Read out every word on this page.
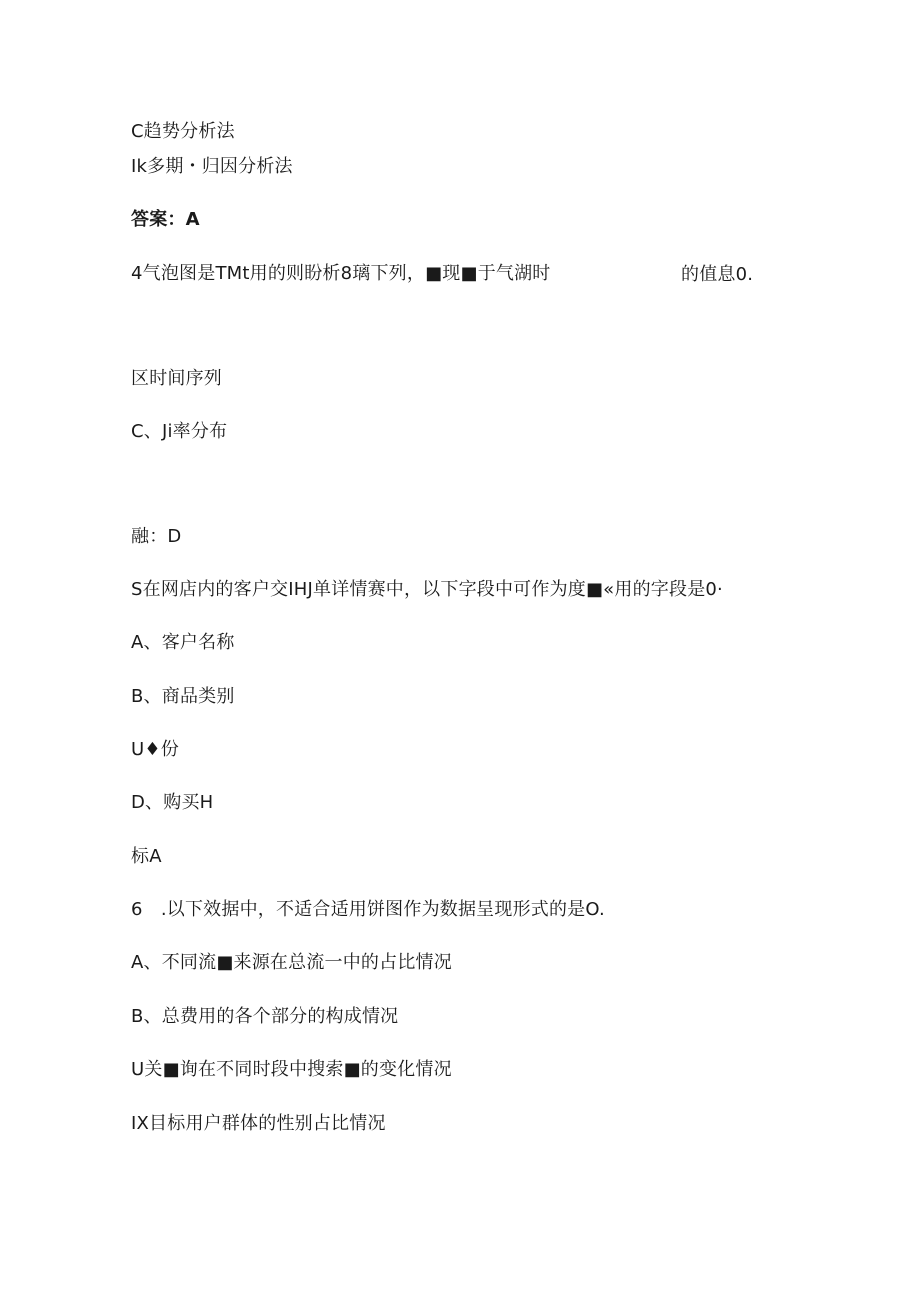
C趋势分析法
Ik多期・归因分析法
答案：A
4气泡图是TMt用的则盼析8璃下列，■现■于气湖时	的值息0.
区时间序列
C、Ji率分布
融：D
S在网店内的客户交IHJ单详情赛中，以下字段中可作为度■«用的字段是0·
A、客户名称
B、商品类别
U♦份
D、购买H
标A
6　.以下效据中，不适合适用饼图作为数据呈现形式的是O.
A、不同流■来源在总流一中的占比情况
B、总费用的各个部分的构成情况
U关■询在不同时段中搜索■的变化情况
IX目标用户群体的性别占比情况
